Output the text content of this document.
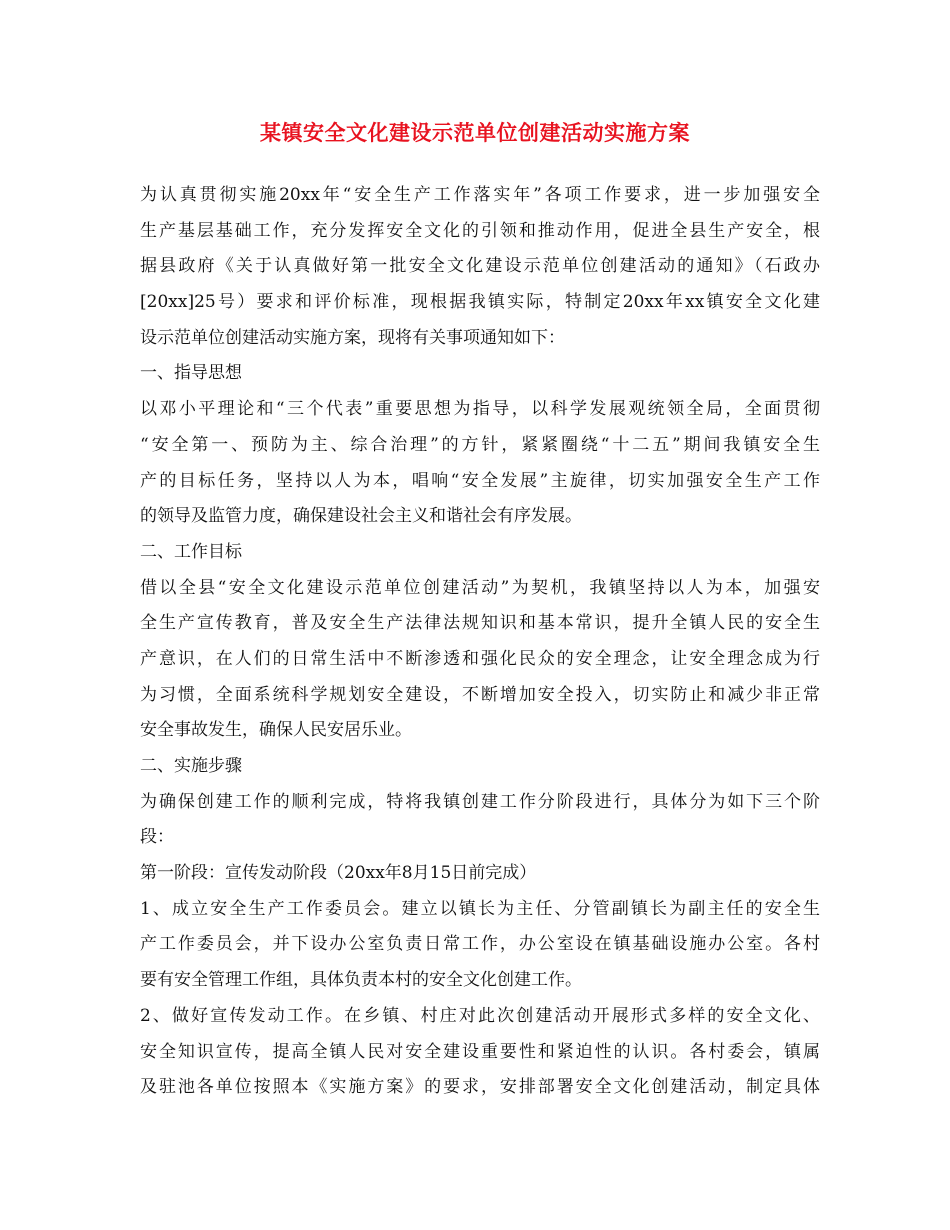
某镇安全文化建设示范单位创建活动实施方案
为认真贯彻实施20xx年“安全生产工作落实年”各项工作要求，进一步加强安全
生产基层基础工作，充分发挥安全文化的引领和推动作用，促进全县生产安全，根
据县政府《关于认真做好第一批安全文化建设示范单位创建活动的通知》（石政办
[20xx]25号）要求和评价标准，现根据我镇实际，特制定20xx年xx镇安全文化建
设示范单位创建活动实施方案，现将有关事项通知如下：
一、指导思想
以邓小平理论和“三个代表”重要思想为指导，以科学发展观统领全局，全面贯彻
“安全第一、预防为主、综合治理”的方针，紧紧圈绕“十二五”期间我镇安全生
产的目标任务，坚持以人为本，唱响“安全发展”主旋律，切实加强安全生产工作
的领导及监管力度，确保建设社会主义和谐社会有序发展。
二、工作目标
借以全县“安全文化建设示范单位创建活动”为契机，我镇坚持以人为本，加强安
全生产宣传教育，普及安全生产法律法规知识和基本常识，提升全镇人民的安全生
产意识，在人们的日常生活中不断渗透和强化民众的安全理念，让安全理念成为行
为习惯，全面系统科学规划安全建设，不断增加安全投入，切实防止和减少非正常
安全事故发生，确保人民安居乐业。
二、实施步骤
为确保创建工作的顺利完成，特将我镇创建工作分阶段进行，具体分为如下三个阶
段：
第一阶段：宣传发动阶段（20xx年8月15日前完成）
1、成立安全生产工作委员会。建立以镇长为主任、分管副镇长为副主任的安全生
产工作委员会，并下设办公室负责日常工作，办公室设在镇基础设施办公室。各村
要有安全管理工作组，具体负责本村的安全文化创建工作。
2、做好宣传发动工作。在乡镇、村庄对此次创建活动开展形式多样的安全文化、
安全知识宣传，提高全镇人民对安全建设重要性和紧迫性的认识。各村委会，镇属
及驻池各单位按照本《实施方案》的要求，安排部署安全文化创建活动，制定具体
